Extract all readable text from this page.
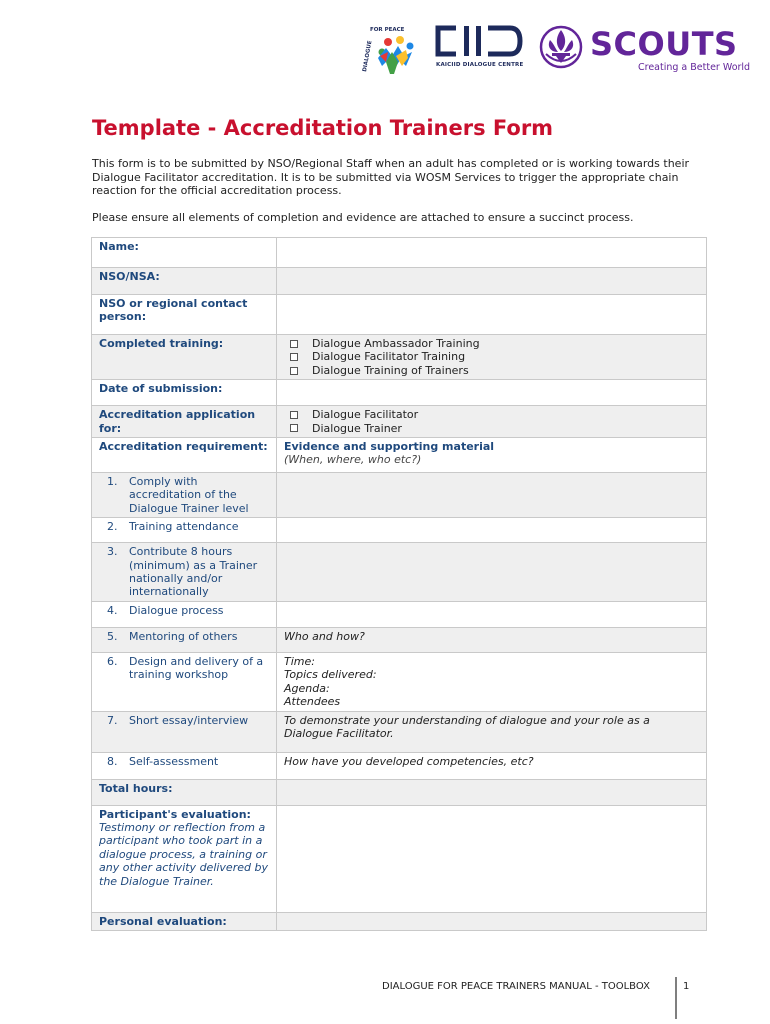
DIALOGUE
FOR PEACE
KAICIID DIALOGUE CENTRE
SCOUTS
Creating a Better World
Template - Accreditation Trainers Form

This form is to be submitted by NSO/Regional Staff when an adult has completed or is working towards their Dialogue Facilitator accreditation. It is to be submitted via WOSM Services to trigger the appropriate chain reaction for the official accreditation process.

Please ensure all elements of completion and evidence are attached to ensure a succinct process.

Name:	
NSO/NSA:	
NSO or regional contact person:	
Completed training:	Dialogue Ambassador Training
Dialogue Facilitator Training
Dialogue Training of Trainers

Date of submission:	
Accreditation application for:	Dialogue Facilitator
Dialogue Trainer

Accreditation requirement:	Evidence and supporting material
(When, where, who etc?)

1. Comply with accreditation of the Dialogue Trainer level	

2. Training attendance	

3. Contribute 8 hours (minimum) as a Trainer nationally and/or internationally	

4. Dialogue process	

5. Mentoring of others	Who and how?

6. Design and delivery of a training workshop	Time:
Topics delivered:
Agenda:
Attendees

7. Short essay/interview	To demonstrate your understanding of dialogue and your role as a Dialogue Facilitator.

8. Self-assessment	How have you developed competencies, etc?
Total hours:	

Participant's evaluation:
Testimony or reflection from a participant who took part in a dialogue process, a training or any other activity delivered by the Dialogue Trainer.	

Personal evaluation:	
DIALOGUE FOR PEACE TRAINERS MANUAL - TOOLBOX	1
